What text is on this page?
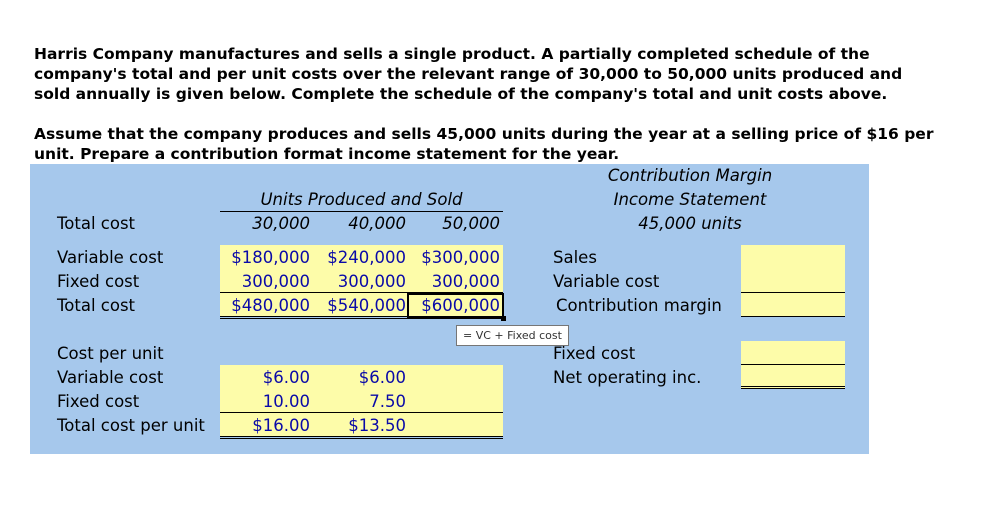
Harris Company manufactures and sells a single product. A partially completed schedule of the
company's total and per unit costs over the relevant range of 30,000 to 50,000 units produced and
sold annually is given below. Complete the schedule of the company's total and unit costs above.
Assume that the company produces and sells 45,000 units during the year at a selling price of $16 per
unit. Prepare a contribution format income statement for the year.
Units Produced and Sold
30,000	40,000	50,000
Total cost
Variable cost	$180,000	$240,000 $300,000
Fixed cost	300,000	300,000	300,000
Total cost	$480,000	$540,000 $600,000
= VC + Fixed cost
Cost per unit
Variable cost	$6.00	$6.00
Fixed cost	10.00	7.50
Total cost per unit	$16.00	$13.50
Contribution Margin
Income Statement
45,000 units
Sales
Variable cost
Contribution margin
Fixed cost
Net operating inc.
